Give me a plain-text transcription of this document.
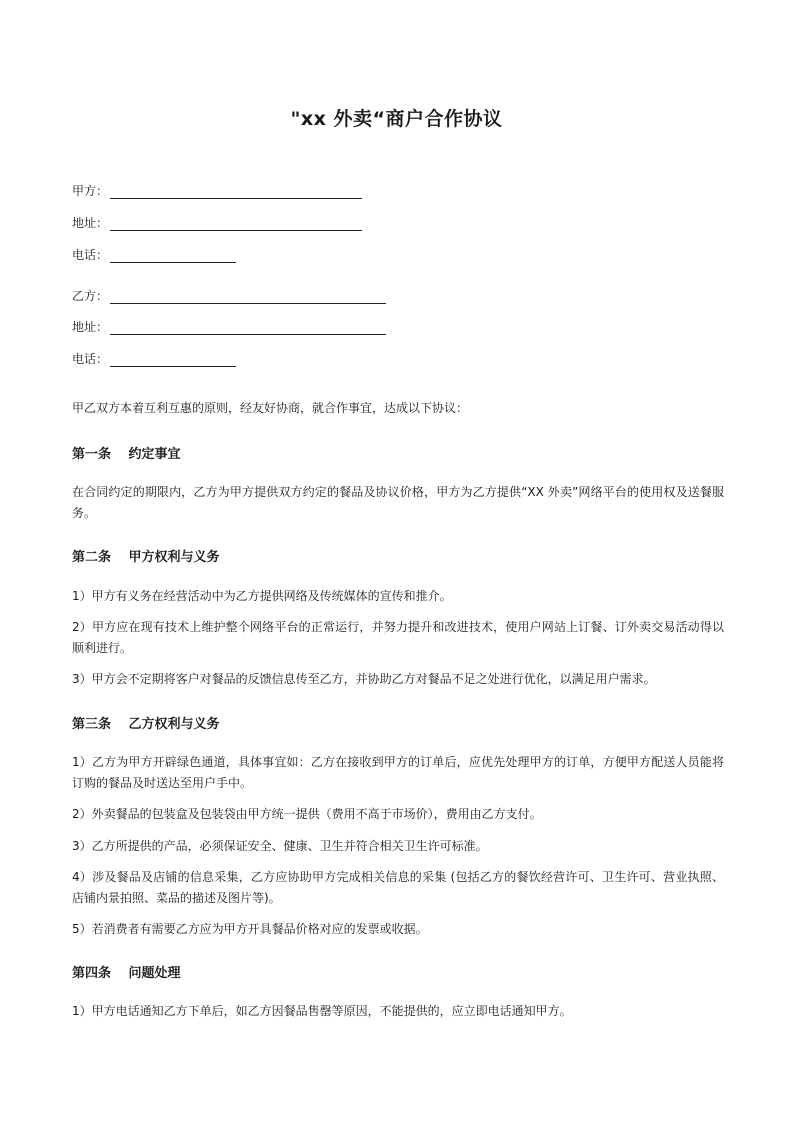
"xx 外卖“商户合作协议
甲方：
地址：
电话：
乙方：
地址：
电话：
甲乙双方本着互利互惠的原则，经友好协商，就合作事宜，达成以下协议：
第一条　 约定事宜
在合同约定的期限内，乙方为甲方提供双方约定的餐品及协议价格，甲方为乙方提供“XX 外卖”网络平台的使用权及送餐服务。
第二条　 甲方权利与义务
1）甲方有义务在经营活动中为乙方提供网络及传统媒体的宣传和推介。
2）甲方应在现有技术上维护整个网络平台的正常运行，并努力提升和改进技术，使用户网站上订餐、订外卖交易活动得以顺利进行。
3）甲方会不定期将客户对餐品的反馈信息传至乙方，并协助乙方对餐品不足之处进行优化，以满足用户需求。
第三条　 乙方权利与义务
1）乙方为甲方开辟绿色通道，具体事宜如：乙方在接收到甲方的订单后，应优先处理甲方的订单，方便甲方配送人员能将订购的餐品及时送达至用户手中。
2）外卖餐品的包装盒及包装袋由甲方统一提供（费用不高于市场价），费用由乙方支付。
3）乙方所提供的产品，必须保证安全、健康、卫生并符合相关卫生许可标准。
4）涉及餐品及店铺的信息采集，乙方应协助甲方完成相关信息的采集 (包括乙方的餐饮经营许可、卫生许可、营业执照、店铺内景拍照、菜品的描述及图片等)。
5）若消费者有需要乙方应为甲方开具餐品价格对应的发票或收据。
第四条　 问题处理
1）甲方电话通知乙方下单后，如乙方因餐品售罄等原因，不能提供的，应立即电话通知甲方。
